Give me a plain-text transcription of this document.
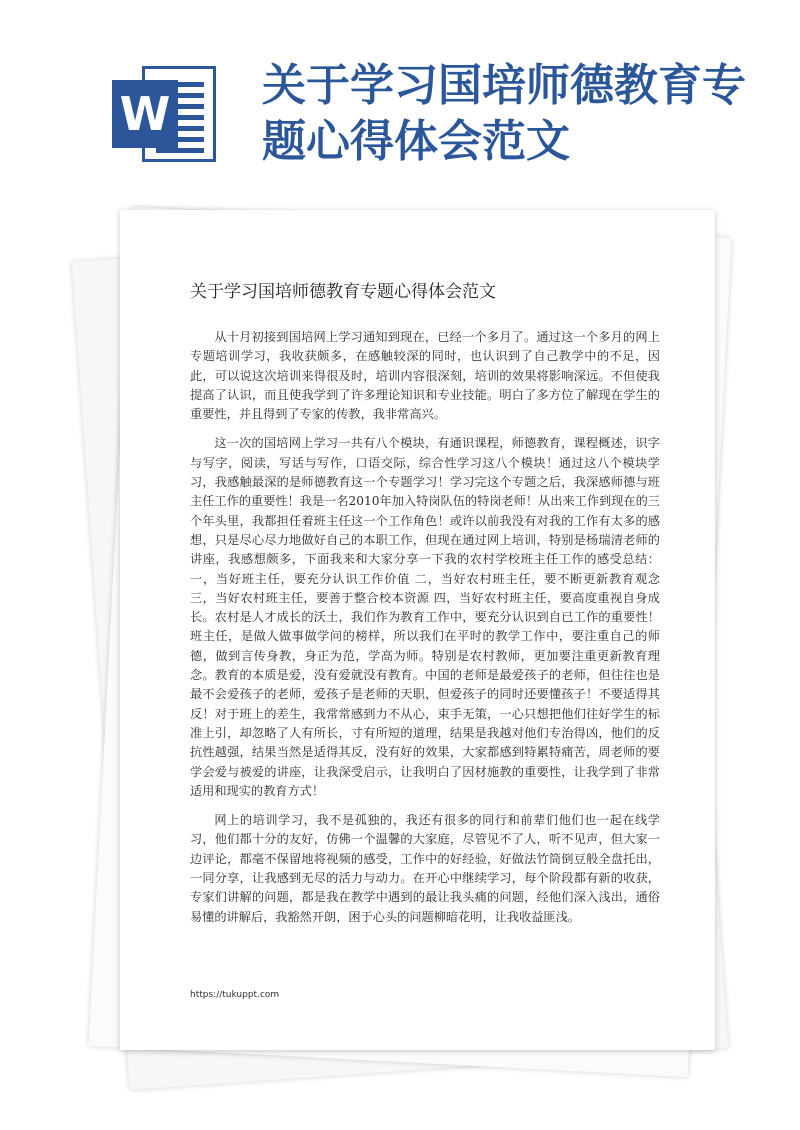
W
关于学习国培师德教育专题心得体会范文
关于学习国培师德教育专题心得体会范文

从十月初接到国培网上学习通知到现在，已经一个多月了。通过这一个多月的网上专题培训学习，我收获颇多，在感触较深的同时，也认识到了自己教学中的不足，因此，可以说这次培训来得很及时，培训内容很深刻，培训的效果将影响深远。不但使我提高了认识，而且使我学到了许多理论知识和专业技能。明白了多方位了解现在学生的重要性，并且得到了专家的传教，我非常高兴。

这一次的国培网上学习一共有八个模块，有通识课程，师德教育，课程概述，识字与写字，阅读，写话与写作，口语交际，综合性学习这八个模块！通过这八个模块学习，我感触最深的是师德教育这一个专题学习！学习完这个专题之后，我深感师德与班主任工作的重要性！我是一名2010年加入特岗队伍的特岗老师！从出来工作到现在的三个年头里，我都担任着班主任这一个工作角色！或许以前我没有对我的工作有太多的感想，只是尽心尽力地做好自己的本职工作，但现在通过网上培训，特别是杨瑞清老师的讲座，我感想颇多，下面我来和大家分享一下我的农村学校班主任工作的感受总结：一，当好班主任，要充分认识工作价值 二，当好农村班主任，要不断更新教育观念 三，当好农村班主任，要善于整合校本资源 四，当好农村班主任，要高度重视自身成长。农村是人才成长的沃土，我们作为教育工作中，要充分认识到自已工作的重要性！班主任，是做人做事做学问的榜样，所以我们在平时的教学工作中，要注重自己的师德，做到言传身教，身正为范，学高为师。特别是农村教师，更加要注重更新教育理念。教育的本质是爱，没有爱就没有教育。中国的老师是最爱孩子的老师，但往往也是最不会爱孩子的老师，爱孩子是老师的天职，但爱孩子的同时还要懂孩子！不要适得其反！对于班上的差生，我常常感到力不从心，束手无策，一心只想把他们往好学生的标准上引，却忽略了人有所长，寸有所短的道理，结果是我越对他们专治得凶，他们的反抗性越强，结果当然是适得其反，没有好的效果，大家都感到特累特痛苦，周老师的要学会爱与被爱的讲座，让我深受启示，让我明白了因材施教的重要性，让我学到了非常适用和现实的教育方式！

网上的培训学习，我不是孤独的，我还有很多的同行和前辈们他们也一起在线学习，他们都十分的友好，仿佛一个温馨的大家庭，尽管见不了人，听不见声，但大家一边评论，都毫不保留地将视频的感受，工作中的好经验，好做法竹筒倒豆般全盘托出，一同分享，让我感到无尽的活力与动力。在开心中继续学习，每个阶段都有新的收获，专家们讲解的问题，都是我在教学中遇到的最让我头痛的问题，经他们深入浅出，通俗易懂的讲解后，我豁然开朗，困于心头的问题柳暗花明，让我收益匪浅。

https://tukuppt.com
